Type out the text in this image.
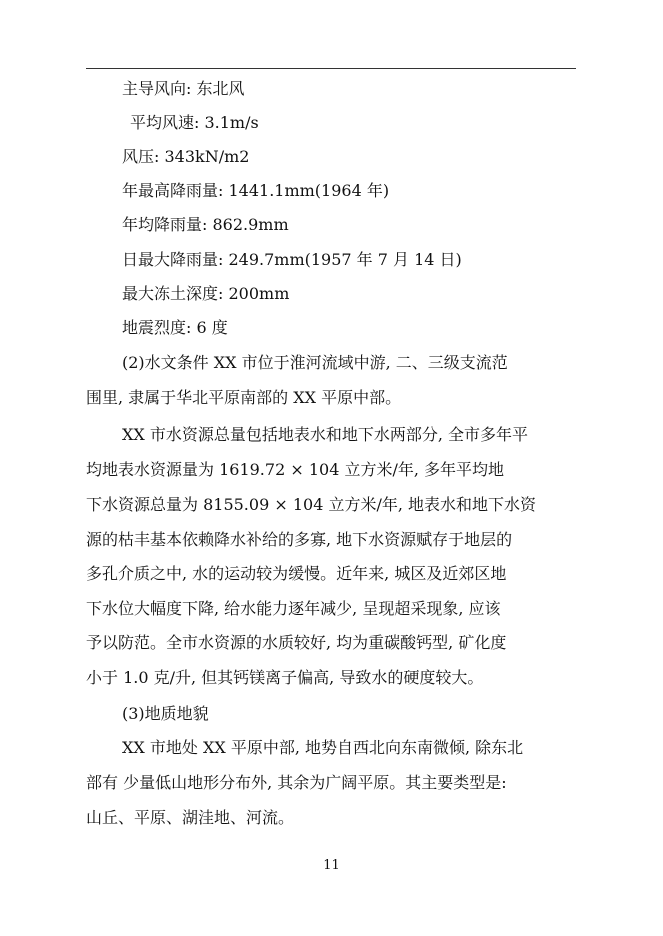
主导风向: 东北风
平均风速: 3.1m/s
风压: 343kN/m2
年最高降雨量: 1441.1mm(1964 年)
年均降雨量: 862.9mm
日最大降雨量: 249.7mm(1957 年 7 月 14 日)
最大冻土深度: 200mm
地震烈度: 6 度
(2)水文条件 XX 市位于淮河流域中游, 二、三级支流范
围里, 隶属于华北平原南部的 XX 平原中部。
XX 市水资源总量包括地表水和地下水两部分, 全市多年平
均地表水资源量为 1619.72 × 104 立方米/年, 多年平均地
下水资源总量为 8155.09 × 104 立方米/年, 地表水和地下水资
源的枯丰基本依赖降水补给的多寡, 地下水资源赋存于地层的
多孔介质之中, 水的运动较为缓慢。近年来, 城区及近郊区地
下水位大幅度下降, 给水能力逐年减少, 呈现超采现象, 应该
予以防范。全市水资源的水质较好, 均为重碳酸钙型, 矿化度
小于 1.0 克/升, 但其钙镁离子偏高, 导致水的硬度较大。
(3)地质地貌
XX 市地处 XX 平原中部, 地势自西北向东南微倾, 除东北
部有 少量低山地形分布外, 其余为广阔平原。其主要类型是:
山丘、平原、湖洼地、河流。
11
